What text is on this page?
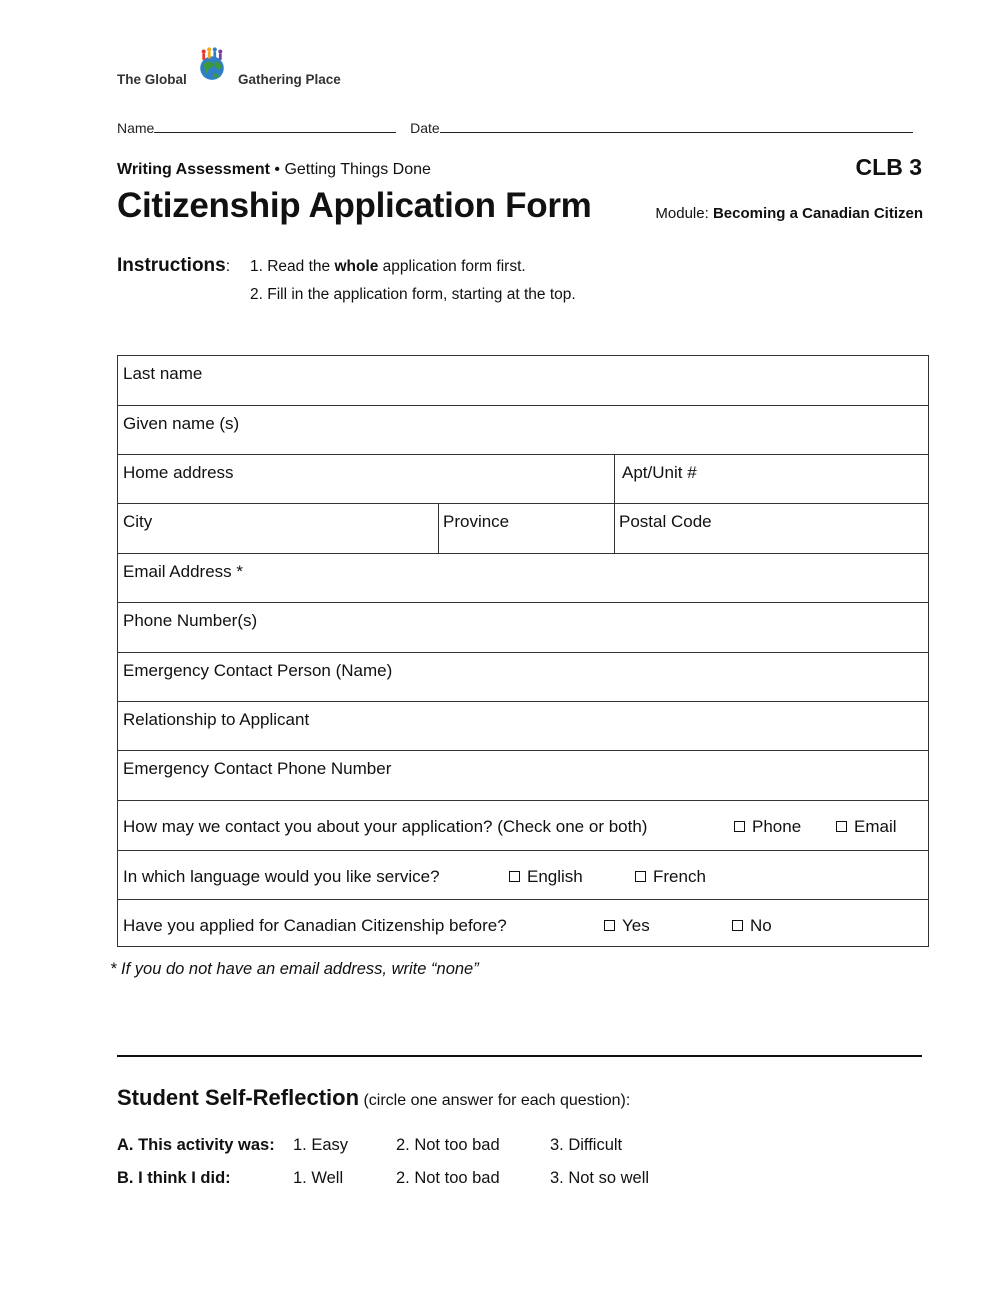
The Global	Gathering Place
Name	Date
Writing Assessment • Getting Things Done	CLB 3
Citizenship Application Form	Module: Becoming a Canadian Citizen
Instructions: 1. Read the whole application form first.
2. Fill in the application form, starting at the top.
Last name
Given name (s)
Home address	Apt/Unit #
City	Province	Postal Code
Email Address *
Phone Number(s)
Emergency Contact Person (Name)
Relationship to Applicant
Emergency Contact Phone Number
How may we contact you about your application? (Check one or both)	Phone	Email
In which language would you like service?	English	French
Have you applied for Canadian Citizenship before?	Yes	No
* If you do not have an email address, write “none”
Student Self-Reflection (circle one answer for each question):
A. This activity was: 1. Easy	2. Not too bad	3. Difficult
B. I think I did:	1. Well	2. Not too bad	3. Not so well
